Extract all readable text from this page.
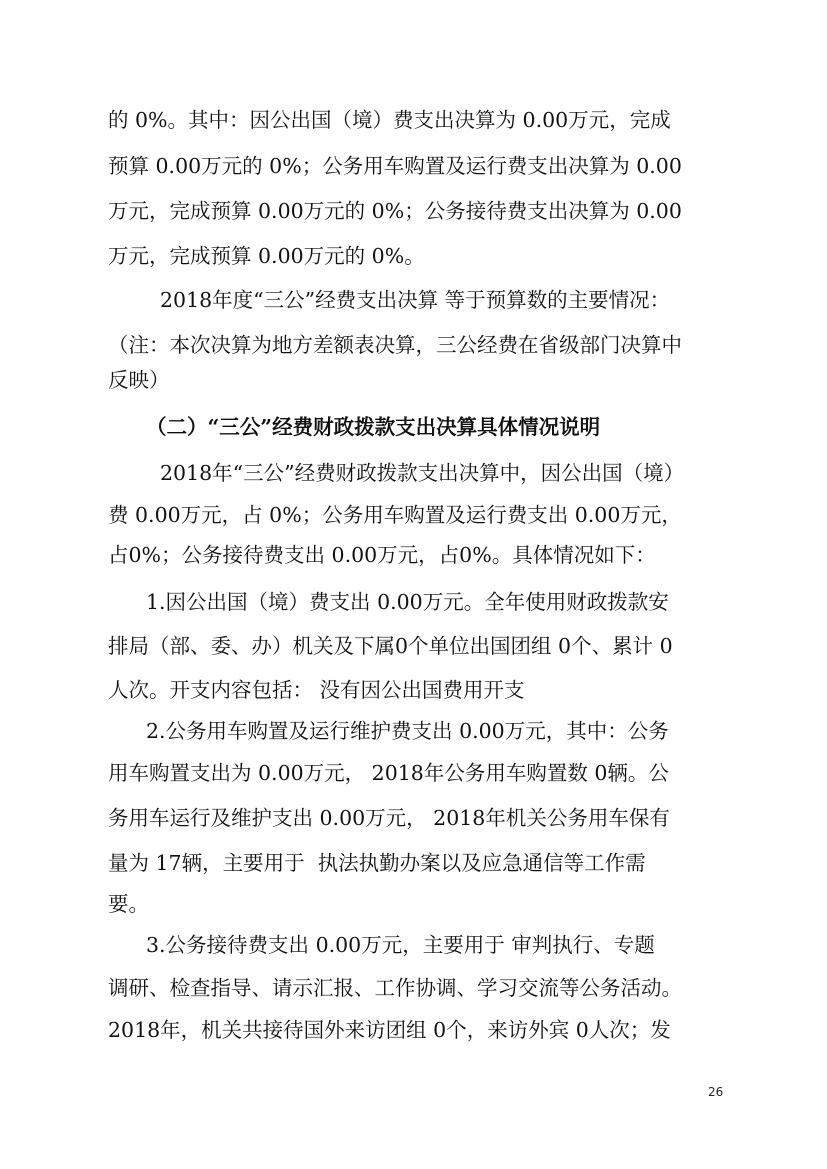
的 0%。其中：因公出国（境）费支出决算为 0.00万元，完成

预算 0.00万元的 0%；公务用车购置及运行费支出决算为 0.00

万元，完成预算 0.00万元的 0%；公务接待费支出决算为 0.00

万元，完成预算 0.00万元的 0%。

2018年度“三公”经费支出决算 等于预算数的主要情况：

（注：本次决算为地方差额表决算，三公经费在省级部门决算中

反映）

（二）“三公”经费财政拨款支出决算具体情况说明

2018年“三公”经费财政拨款支出决算中，因公出国（境）

费 0.00万元，占 0%；公务用车购置及运行费支出 0.00万元，

占0%；公务接待费支出 0.00万元，占0%。具体情况如下：

1.因公出国（境）费支出 0.00万元。全年使用财政拨款安

排局（部、委、办）机关及下属0个单位出国团组 0个、累计 0

人次。开支内容包括： 没有因公出国费用开支

2.公务用车购置及运行维护费支出 0.00万元，其中：公务

用车购置支出为 0.00万元， 2018年公务用车购置数 0辆。公

务用车运行及维护支出 0.00万元， 2018年机关公务用车保有

量为 17辆，主要用于  执法执勤办案以及应急通信等工作需

要。

3.公务接待费支出 0.00万元，主要用于 审判执行、专题

调研、检查指导、请示汇报、工作协调、学习交流等公务活动。

2018年，机关共接待国外来访团组 0个，来访外宾 0人次；发

26
